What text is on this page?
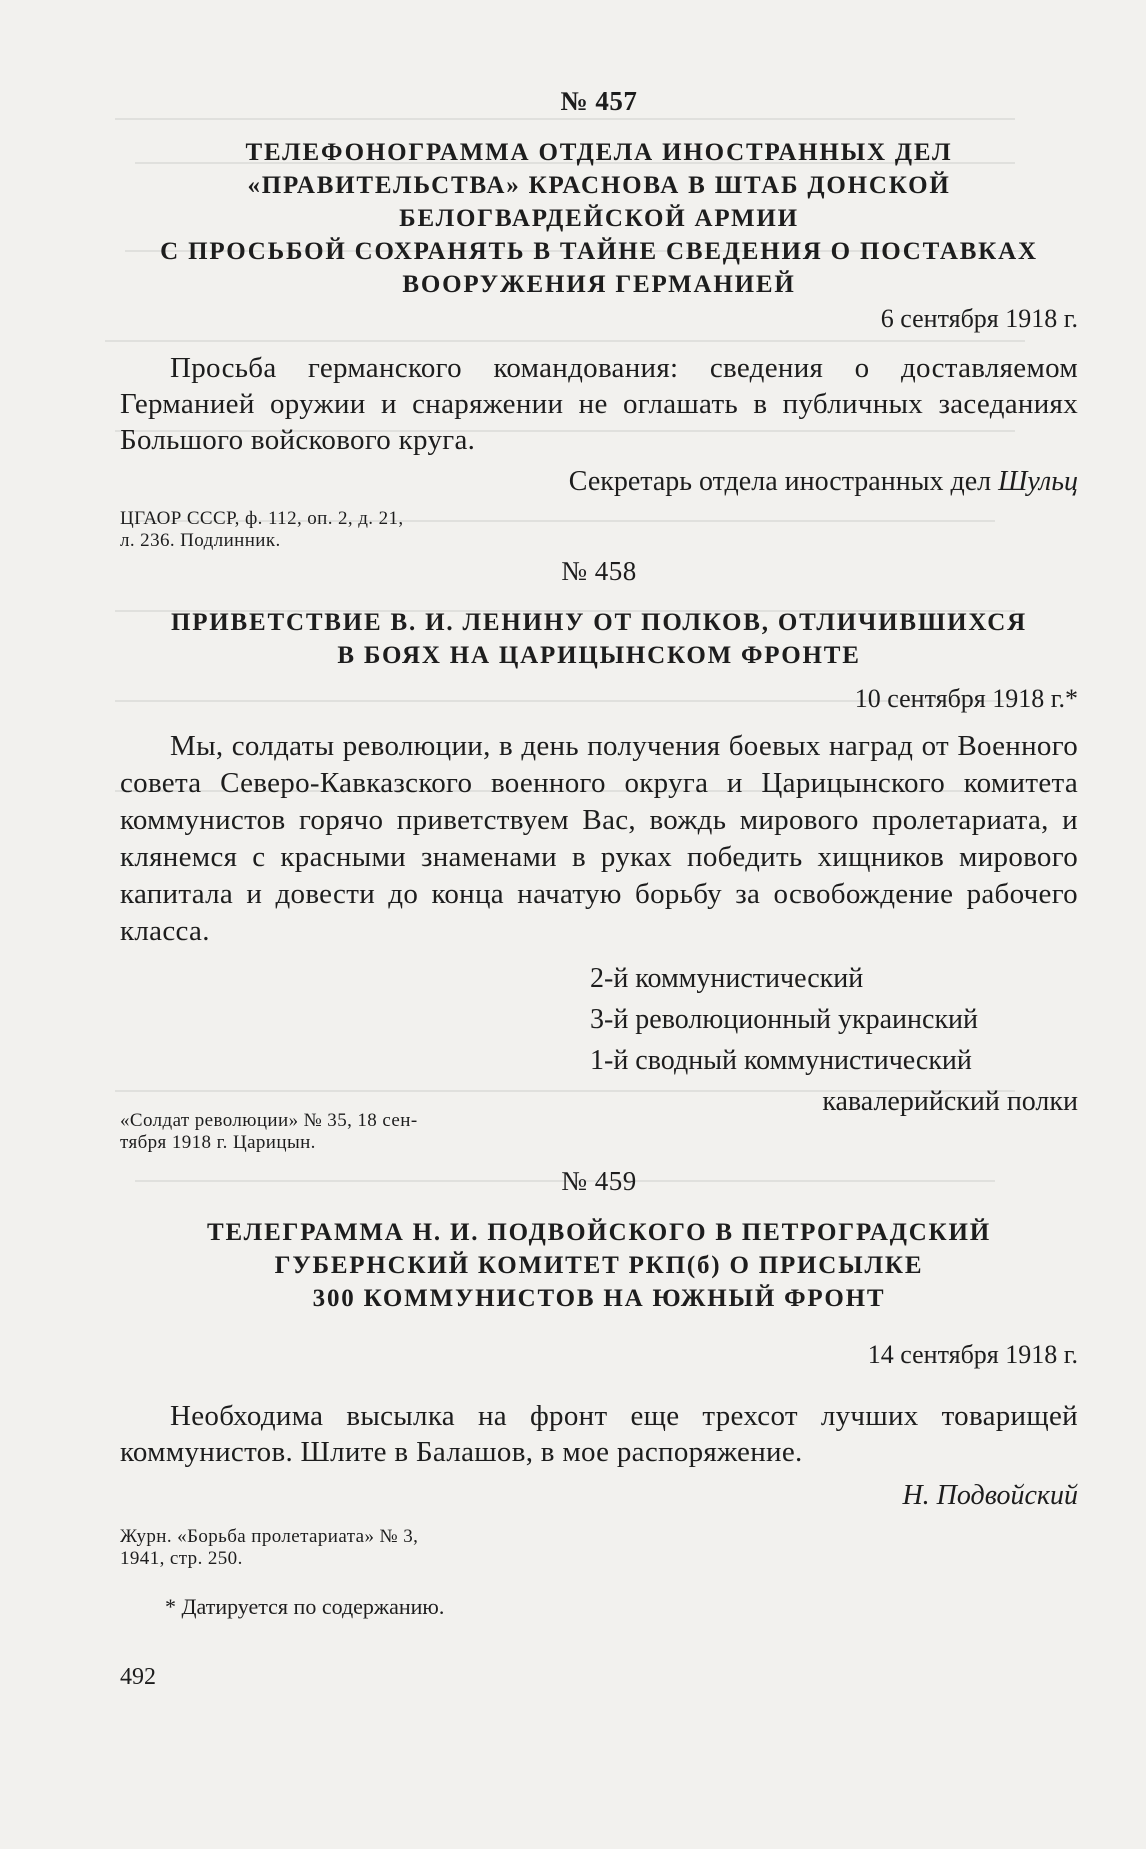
№ 457
ТЕЛЕФОНОГРАММА ОТДЕЛА ИНОСТРАННЫХ ДЕЛ
«ПРАВИТЕЛЬСТВА» КРАСНОВА В ШТАБ ДОНСКОЙ
БЕЛОГВАРДЕЙСКОЙ АРМИИ
С ПРОСЬБОЙ СОХРАНЯТЬ В ТАЙНЕ СВЕДЕНИЯ О ПОСТАВКАХ
ВООРУЖЕНИЯ ГЕРМАНИЕЙ
6 сентября 1918 г.
Просьба германского командования: сведения о доставляемом Германией оружии и снаряжении не оглашать в публичных заседаниях Большого войскового круга.
Секретарь отдела иностранных дел Шульц
ЦГАОР СССР, ф. 112, оп. 2, д. 21,
л. 236. Подлинник.
№ 458
ПРИВЕТСТВИЕ В. И. ЛЕНИНУ ОТ ПОЛКОВ, ОТЛИЧИВШИХСЯ
В БОЯХ НА ЦАРИЦЫНСКОМ ФРОНТЕ
10 сентября 1918 г.*
Мы, солдаты революции, в день получения боевых наград от Военного совета Северо-Кавказского военного округа и Царицынского комитета коммунистов горячо приветствуем Вас, вождь мирового пролетариата, и клянемся с красными знаменами в руках победить хищников мирового капитала и довести до конца начатую борьбу за освобождение рабочего класса.
2-й коммунистический
3-й революционный украинский
1-й сводный коммунистический
кавалерийский полки
«Солдат революции» № 35, 18 сен-
тября 1918 г. Царицын.
№ 459
ТЕЛЕГРАММА Н. И. ПОДВОЙСКОГО В ПЕТРОГРАДСКИЙ
ГУБЕРНСКИЙ КОМИТЕТ РКП(б) О ПРИСЫЛКЕ
300 КОММУНИСТОВ НА ЮЖНЫЙ ФРОНТ
14 сентября 1918 г.
Необходима высылка на фронт еще трехсот лучших товарищей коммунистов. Шлите в Балашов, в мое распоряжение.
Н. Подвойский
Журн. «Борьба пролетариата» № 3,
1941, стр. 250.
* Датируется по содержанию.
492
